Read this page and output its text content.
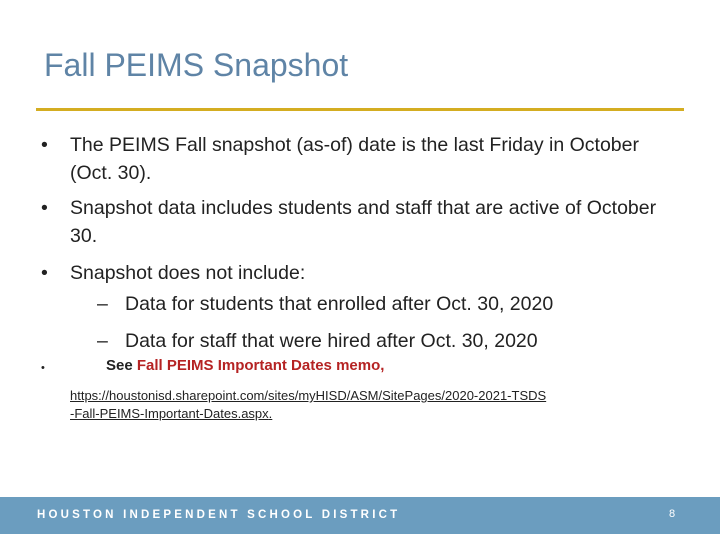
Fall PEIMS Snapshot
• The PEIMS Fall snapshot (as-of) date is the last Friday in October (Oct. 30).
• Snapshot data includes students and staff that are active of October 30.
• Snapshot does not include:
– Data for students that enrolled after Oct. 30, 2020
– Data for staff that were hired after Oct. 30, 2020
•	See Fall PEIMS Important Dates memo,
https://houstonisd.sharepoint.com/sites/myHISD/ASM/SitePages/2020-2021-TSDS
-Fall-PEIMS-Important-Dates.aspx.
HOUSTON INDEPENDENT SCHOOL DISTRICT	8
